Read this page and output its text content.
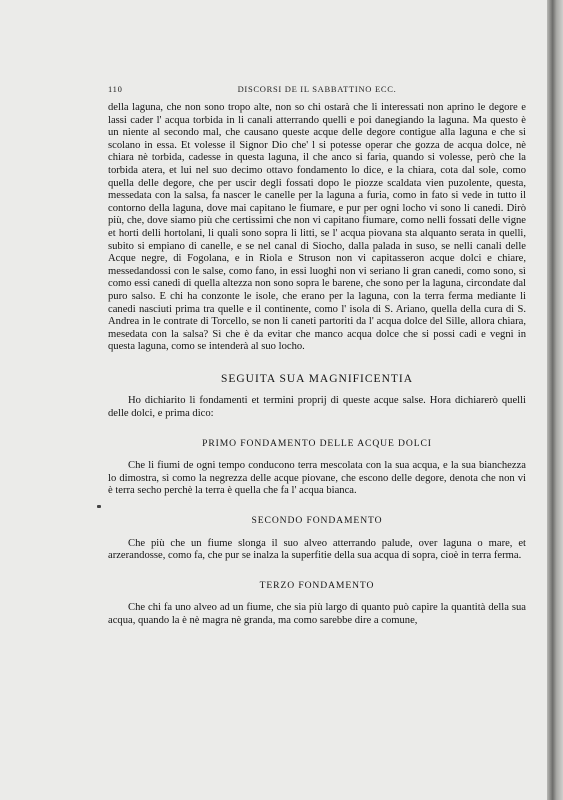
110	DISCORSI DE IL SABBATTINO ECC.

della laguna, che non sono tropo alte, non so chi ostarà che li interessati non aprino le degore e lassi cader l' acqua torbida in li canali atterrando quelli e poi danegiando la laguna. Ma questo è un niente al secondo mal, che causano queste acque delle degore contigue alla laguna e che si scolano in essa. Et volesse il Signor Dio che' l si potesse operar che gozza de acqua dolce, nè chiara nè torbida, cadesse in questa laguna, il che anco si faria, quando si volesse, però che la torbida atera, et lui nel suo decimo ottavo fondamento lo dice, e la chiara, cota dal sole, como quella delle degore, che per uscir degli fossati dopo le piozze scaldata vien puzolente, questa, messedata con la salsa, fa nascer le canelle per la laguna a furia, como in fato si vede in tutto il contorno della laguna, dove mai capitano le fiumare, e pur per ogni locho vi sono li canedi. Dirò più, che, dove siamo più che certissimi che non vi capitano fiumare, como nelli fossati delle vigne et horti delli hortolani, li quali sono sopra li litti, se l' acqua piovana sta alquanto serata in quelli, subito si empiano di canelle, e se nel canal di Siocho, dalla palada in suso, se nelli canali delle Acque negre, di Fogolana, e in Riola e Struson non vi capitasseron acque dolci e chiare, messedandossi con le salse, como fano, in essi luoghi non vi seriano li gran canedi, como sono, sì como essi canedi di quella altezza non sono sopra le barene, che sono per la laguna, circondate dal puro salso. E chi ha conzonte le isole, che erano per la laguna, con la terra ferma mediante li canedi nasciuti prima tra quelle e il continente, como l' isola di S. Ariano, quella della cura di S. Andrea in le contrate di Torcello, se non li caneti partoriti da l' acqua dolce del Sille, allora chiara, mesedata con la salsa? Sì che è da evitar che manco acqua dolce che si possi cadi e vegni in questa laguna, como se intenderà al suo locho.

SEGUITA SUA MAGNIFICENTIA

Ho dichiarito li fondamenti et termini proprij di queste acque salse. Hora dichiarerò quelli delle dolci, e prima dico:

PRIMO FONDAMENTO DELLE ACQUE DOLCI

Che li fiumi de ogni tempo conducono terra mescolata con la sua acqua, e la sua bianchezza lo dimostra, sì como la negrezza delle acque piovane, che escono delle degore, denota che non vi è terra secho perchè la terra è quella che fa l' acqua bianca.

SECONDO FONDAMENTO

Che più che un fiume slonga il suo alveo atterrando palude, over laguna o mare, et arzerandosse, como fa, che pur se inalza la superfitie della sua acqua di sopra, cioè in terra ferma.

TERZO FONDAMENTO

Che chi fa uno alveo ad un fiume, che sia più largo di quanto può capire la quantità della sua acqua, quando la è nè magra nè granda, ma como sarebbe dire a comune,
